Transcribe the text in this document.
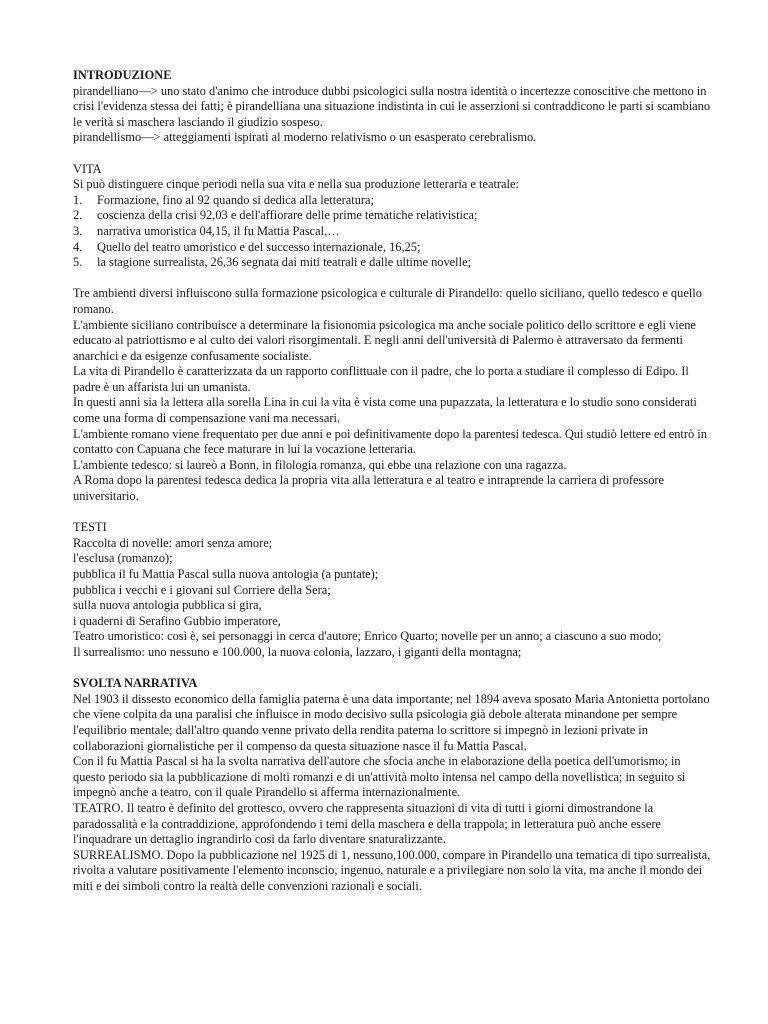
INTRODUZIONE

pirandelliano—> uno stato d'animo che introduce dubbi psicologici sulla nostra identità o incertezze conoscitive che mettono in crisi l'evidenza stessa dei fatti; è pirandelliana una situazione indistinta in cui le asserzioni si contraddicono le parti si scambiano le verità si maschera lasciando il giudizio sospeso.

pirandellismo—> atteggiamenti ispirati al moderno relativismo o un esasperato cerebralismo.

VITA

Si può distinguere cinque periodi nella sua vita e nella sua produzione letteraria e teatrale:

1.	Formazione, fino al 92 quando si dedica alla letteratura;
2.	coscienza della crisi 92,03 e dell'affiorare delle prime tematiche relativistica;
3.	narrativa umoristica 04,15, il fu Mattia Pascal,…
4.	Quello del teatro umoristico e del successo internazionale, 16,25;
5.	la stagione surrealista, 26,36 segnata dai miti teatrali e dalle ultime novelle;

Tre ambienti diversi influiscono sulla formazione psicologica e culturale di Pirandello: quello siciliano, quello tedesco e quello romano.

L'ambiente siciliano contribuisce a determinare la fisionomia psicologica ma anche sociale politico dello scrittore e egli viene educato al patriottismo e al culto dei valori risorgimentali. E negli anni dell'università di Palermo è attraversato da fermenti anarchici e da esigenze confusamente socialiste.

La vita di Pirandello è caratterizzata da un rapporto conflittuale con il padre, che lo porta a studiare il complesso di Edipo. Il padre è un affarista lui un umanista.

In questi anni sia la lettera alla sorella Lina in cui la vita è vista come una pupazzata, la letteratura e lo studio sono considerati come una forma di compensazione vani ma necessari.

L'ambiente romano viene frequentato per due anni e poi definitivamente dopo la parentesi tedesca. Qui studiò lettere ed entrò in contatto con Capuana che fece maturare in lui la vocazione letteraria.

L'ambiente tedesco: si laureò a Bonn, in filologia romanza, qui ebbe una relazione con una ragazza.

A Roma dopo la parentesi tedesca dedica la propria vita alla letteratura e al teatro e intraprende la carriera di professore universitario.

TESTI

Raccolta di novelle: amori senza amore;

l'esclusa (romanzo);

pubblica il fu Mattia Pascal sulla nuova antologia (a puntate);

pubblica i vecchi e i giovani sul Corriere della Sera;

sulla nuova antologia pubblica si gira,

i quaderni di Serafino Gubbio imperatore,

Teatro umoristico: così è, sei personaggi in cerca d'autore; Enrico Quarto; novelle per un anno; a ciascuno a suo modo;

Il surrealismo: uno nessuno e 100.000, la nuova colonia, lazzaro, i giganti della montagna;

SVOLTA NARRATIVA

Nel 1903 il dissesto economico della famiglia paterna è una data importante; nel 1894 aveva sposato Maria Antonietta portolano che viene colpita da una paralisi che influisce in modo decisivo sulla psicologia già debole alterata minandone per sempre l'equilibrio mentale; dall'altro quando venne privato della rendita paterna lo scrittore si impegnò in lezioni private in collaborazioni giornalistiche per il compenso da questa situazione nasce il fu Mattia Pascal.

Con il fu Mattia Pascal si ha la svolta narrativa dell'autore che sfocia anche in elaborazione della poetica dell'umorismo; in questo periodo sia la pubblicazione di molti romanzi e di un'attività molto intensa nel campo della novellistica; in seguito si impegnò anche a teatro, con il quale Pirandello si afferma internazionalmente.

TEATRO. Il teatro è definito del grottesco, ovvero che rappresenta situazioni di vita di tutti i giorni dimostrandone la paradossalità e la contraddizione, approfondendo i temi della maschera e della trappola; in letteratura può anche essere l'inquadrare un dettaglio ingrandirlo così da farlo diventare snaturalizzante.

SURREALISMO. Dopo la pubblicazione nel 1925 di 1, nessuno,100.000, compare in Pirandello una tematica di tipo surrealista, rivolta a valutare positivamente l'elemento inconscio, ingenuo, naturale e a privilegiare non solo la vita, ma anche il mondo dei miti e dei simboli contro la realtà delle convenzioni razionali e sociali.
